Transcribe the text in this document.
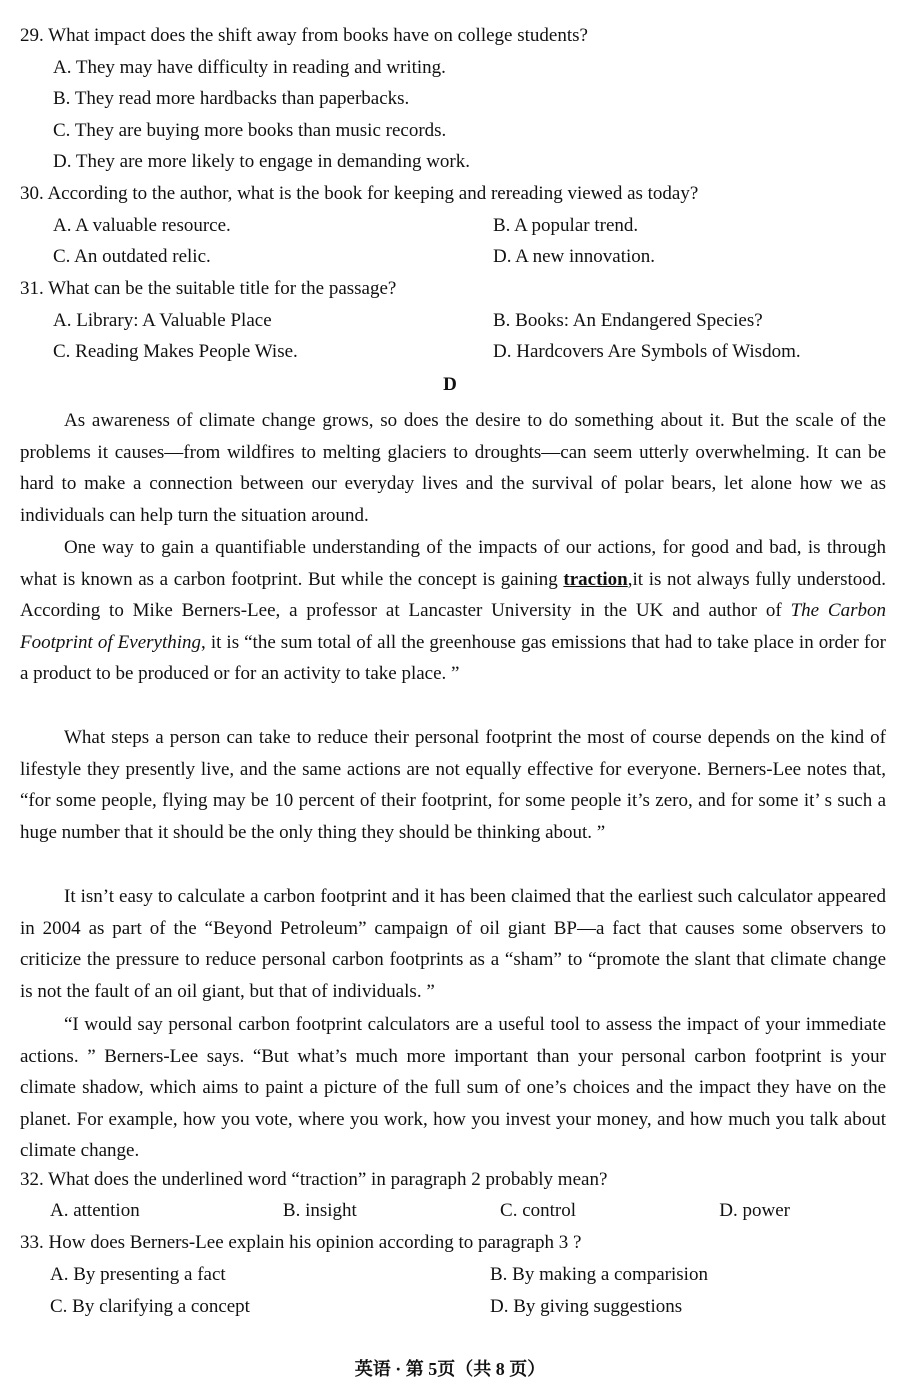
29. What impact does the shift away from books have on college students?
A. They may have difficulty in reading and writing.
B. They read more hardbacks than paperbacks.
C. They are buying more books than music records.
D. They are more likely to engage in demanding work.
30. According to the author, what is the book for keeping and rereading viewed as today?
A. A valuable resource.	B. A popular trend.
C. An outdated relic.	D. A new innovation.
31. What can be the suitable title for the passage?
A. Library: A Valuable Place	B. Books: An Endangered Species?
C. Reading Makes People Wise.	D. Hardcovers Are Symbols of Wisdom.
D
As awareness of climate change grows, so does the desire to do something about it. But the scale of the problems it causes—from wildfires to melting glaciers to droughts—can seem utterly overwhelming. It can be hard to make a connection between our everyday lives and the survival of polar bears, let alone how we as individuals can help turn the situation around.
One way to gain a quantifiable understanding of the impacts of our actions, for good and bad, is through what is known as a carbon footprint. But while the concept is gaining traction,it is not always fully understood. According to Mike Berners-Lee, a professor at Lancaster University in the UK and author of The Carbon Footprint of Everything, it is “the sum total of all the greenhouse gas emissions that had to take place in order for a product to be produced or for an activity to take place. ”
What steps a person can take to reduce their personal footprint the most of course depends on the kind of lifestyle they presently live, and the same actions are not equally effective for everyone. Berners-Lee notes that, “for some people, flying may be 10 percent of their footprint, for some people it’s zero, and for some it’ s such a huge number that it should be the only thing they should be thinking about. ”
It isn’t easy to calculate a carbon footprint and it has been claimed that the earliest such calculator appeared in 2004 as part of the “Beyond Petroleum” campaign of oil giant BP—a fact that causes some observers to criticize the pressure to reduce personal carbon footprints as a “sham” to “promote the slant that climate change is not the fault of an oil giant, but that of individuals. ”
“I would say personal carbon footprint calculators are a useful tool to assess the impact of your immediate actions. ” Berners-Lee says. “But what’s much more important than your personal carbon footprint is your climate shadow, which aims to paint a picture of the full sum of one’s choices and the impact they have on the planet. For example, how you vote, where you work, how you invest your money, and how much you talk about climate change.
32. What does the underlined word “traction” in paragraph 2 probably mean?
A. attention	B. insight	C. control	D. power
33. How does Berners-Lee explain his opinion according to paragraph 3 ?
A. By presenting a fact	B. By making a comparision
C. By clarifying a concept	D. By giving suggestions
英语 · 第 5页（共 8 页）
